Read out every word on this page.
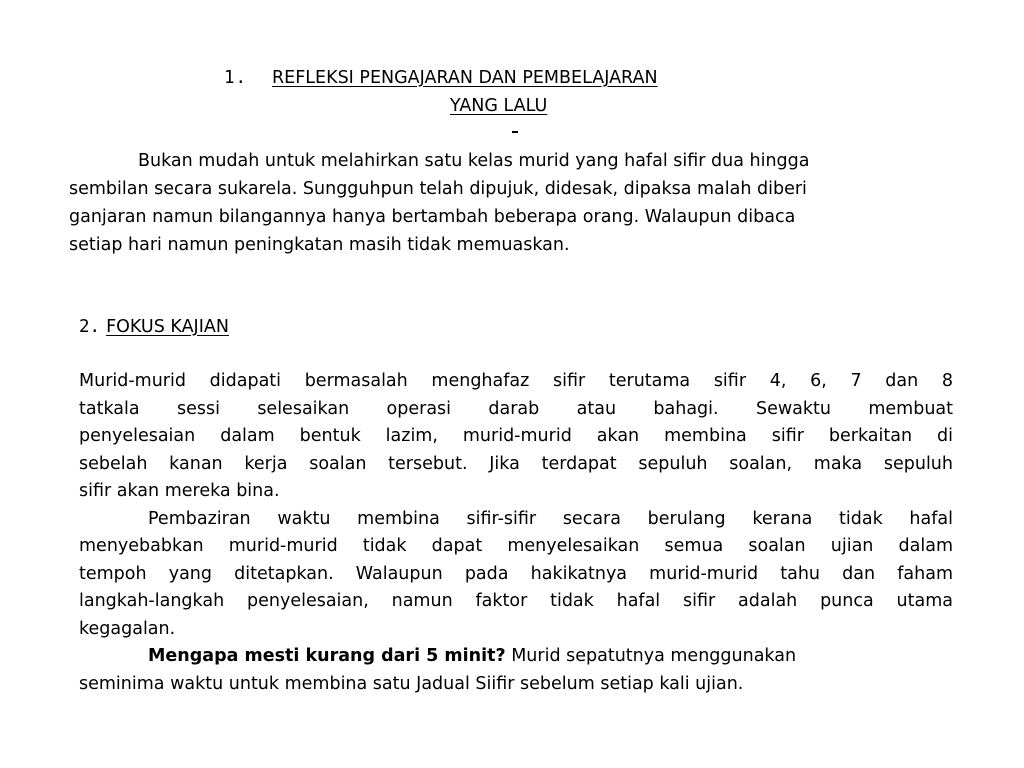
1. REFLEKSI PENGAJARAN DAN PEMBELAJARAN
YANG LALU
Bukan mudah untuk melahirkan satu kelas murid yang hafal sifir dua hingga
sembilan secara sukarela. Sungguhpun telah dipujuk, didesak, dipaksa malah diberi
ganjaran namun bilangannya hanya bertambah beberapa orang. Walaupun dibaca
setiap hari namun peningkatan masih tidak memuaskan.
2. FOKUS KAJIAN
Murid-murid didapati bermasalah menghafaz sifir terutama sifir 4, 6, 7 dan 8
tatkala sessi selesaikan operasi darab atau bahagi. Sewaktu membuat
penyelesaian dalam bentuk lazim, murid-murid akan membina sifir berkaitan di
sebelah kanan kerja soalan tersebut. Jika terdapat sepuluh soalan, maka sepuluh
sifir akan mereka bina.
Pembaziran waktu membina sifir-sifir secara berulang kerana tidak hafal
menyebabkan murid-murid tidak dapat menyelesaikan semua soalan ujian dalam
tempoh yang ditetapkan. Walaupun pada hakikatnya murid-murid tahu dan faham
langkah-langkah penyelesaian, namun faktor tidak hafal sifir adalah punca utama
kegagalan.
Mengapa mesti kurang dari 5 minit? Murid sepatutnya menggunakan
seminima waktu untuk membina satu Jadual Siifir sebelum setiap kali ujian.
